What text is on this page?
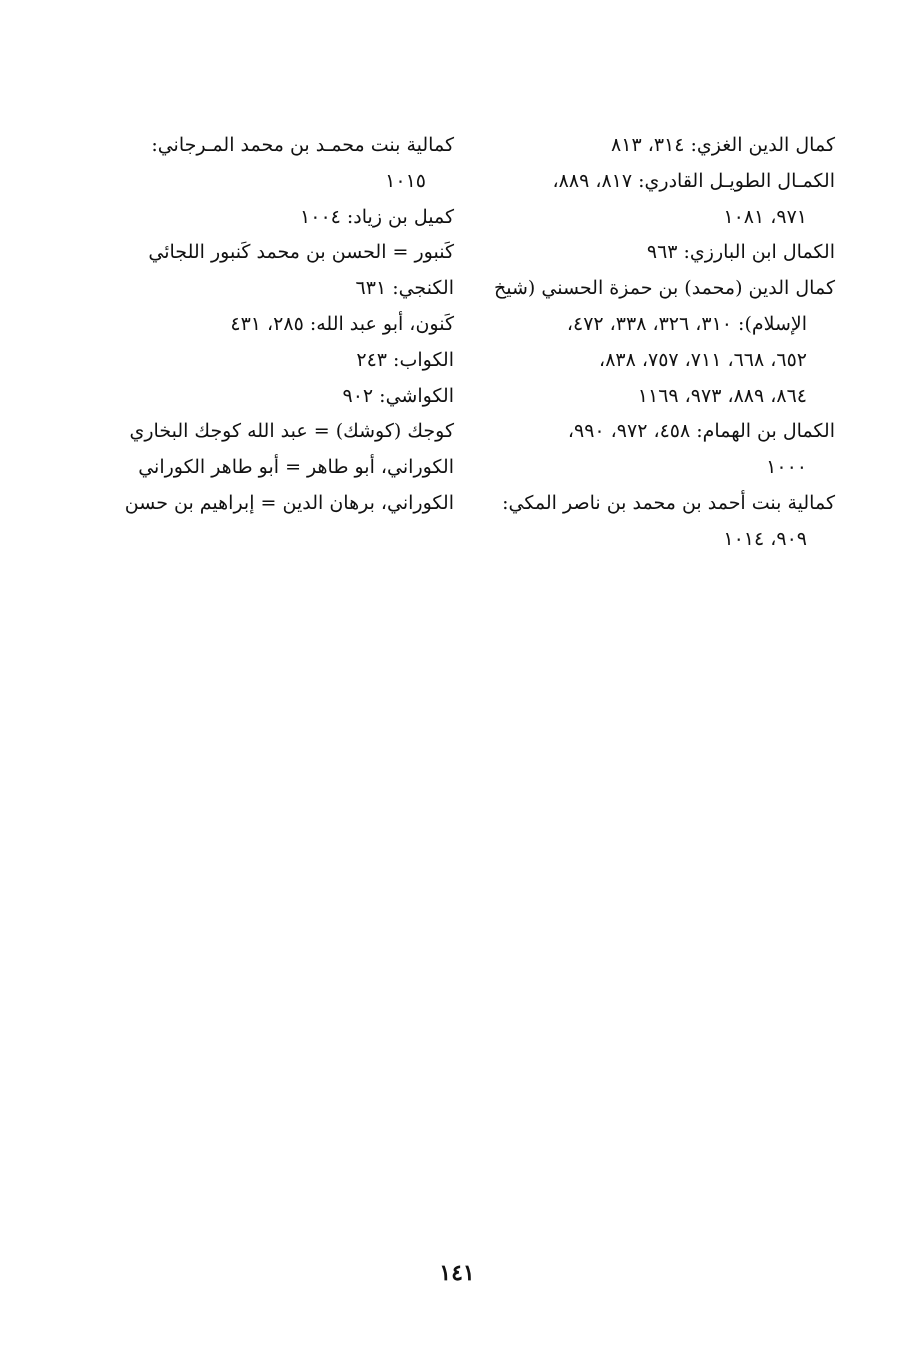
كمال الدين الغزي: ٣١٤، ٨١٣
الكمـال الطويـل القادري: ٨١٧، ٨٨٩،
٩٧١، ١٠٨١
الكمال ابن البارزي: ٩٦٣
كمال الدين (محمد) بن حمزة الحسني (شيخ
الإسلام): ٣١٠، ٣٢٦، ٣٣٨، ٤٧٢،
٦٥٢، ٦٦٨، ٧١١، ٧٥٧، ٨٣٨،
٨٦٤، ٨٨٩، ٩٧٣، ١١٦٩
الكمال بن الهمام: ٤٥٨، ٩٧٢، ٩٩٠،
١٠٠٠
كمالية بنت أحمد بن محمد بن ناصر المكي:
٩٠٩، ١٠١٤
كمالية بنت محمـد بن محمد المـرجاني:
١٠١٥
كميل بن زياد: ١٠٠٤
كَنبور = الحسن بن محمد كَنبور اللجائي
الكنجي: ٦٣١
كَنون، أبو عبد الله: ٢٨٥، ٤٣١
الكواب: ٢٤٣
الكواشي: ٩٠٢
كوجك (كوشك) = عبد الله كوجك البخاري
الكوراني، أبو طاهر = أبو طاهر الكوراني
الكوراني، برهان الدين = إبراهيم بن حسن
١٤١
